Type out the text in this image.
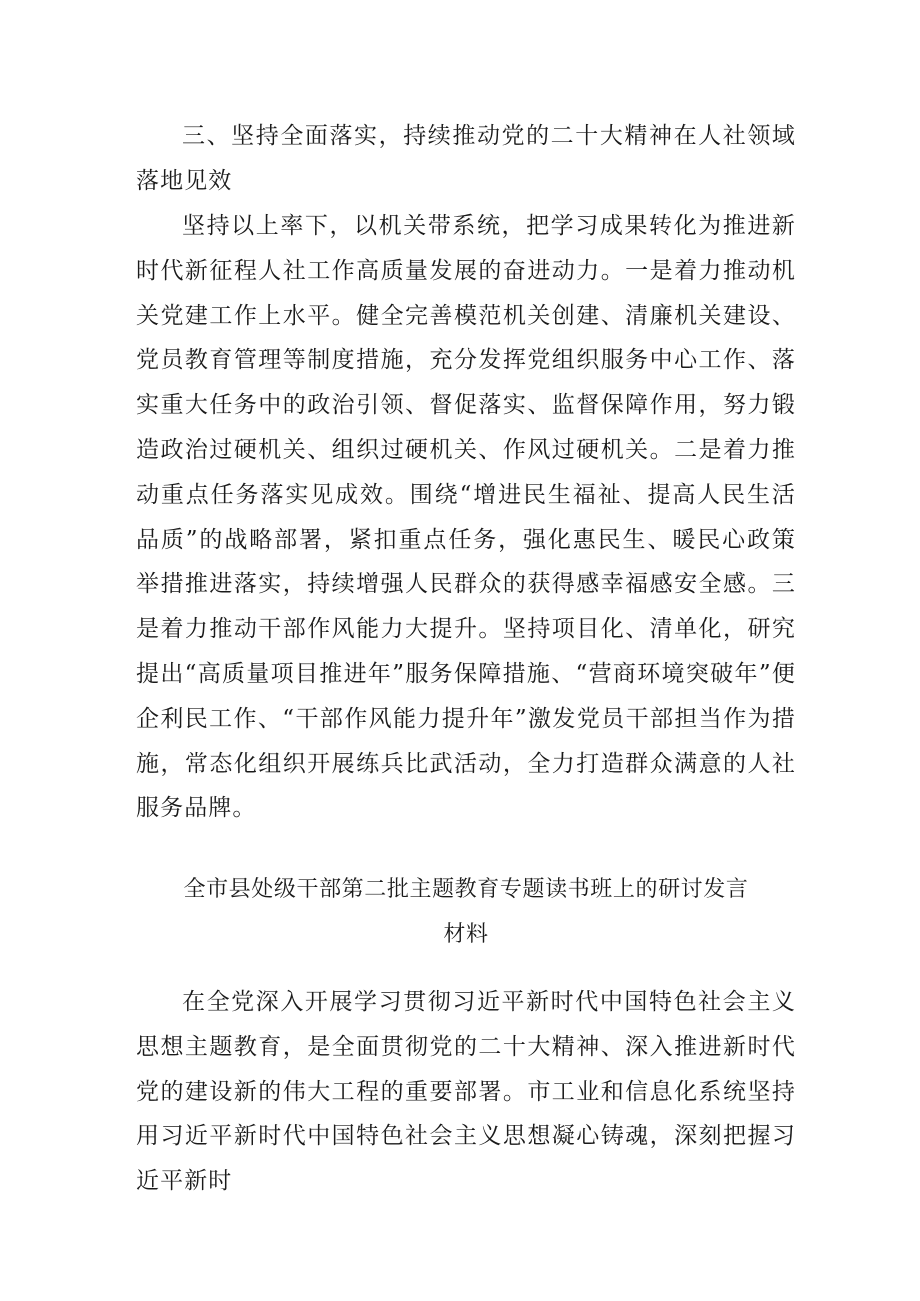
三、坚持全面落实，持续推动党的二十大精神在人社领域落地见效
坚持以上率下，以机关带系统，把学习成果转化为推进新时代新征程人社工作高质量发展的奋进动力。一是着力推动机关党建工作上水平。健全完善模范机关创建、清廉机关建设、党员教育管理等制度措施，充分发挥党组织服务中心工作、落实重大任务中的政治引领、督促落实、监督保障作用，努力锻造政治过硬机关、组织过硬机关、作风过硬机关。二是着力推动重点任务落实见成效。围绕“增进民生福祉、提高人民生活品质”的战略部署，紧扣重点任务，强化惠民生、暖民心政策举措推进落实，持续增强人民群众的获得感幸福感安全感。三是着力推动干部作风能力大提升。坚持项目化、清单化，研究提出“高质量项目推进年”服务保障措施、“营商环境突破年”便企利民工作、“干部作风能力提升年”激发党员干部担当作为措施，常态化组织开展练兵比武活动，全力打造群众满意的人社服务品牌。
全市县处级干部第二批主题教育专题读书班上的研讨发言
材料
在全党深入开展学习贯彻习近平新时代中国特色社会主义思想主题教育，是全面贯彻党的二十大精神、深入推进新时代党的建设新的伟大工程的重要部署。市工业和信息化系统坚持用习近平新时代中国特色社会主义思想凝心铸魂，深刻把握习近平新时
